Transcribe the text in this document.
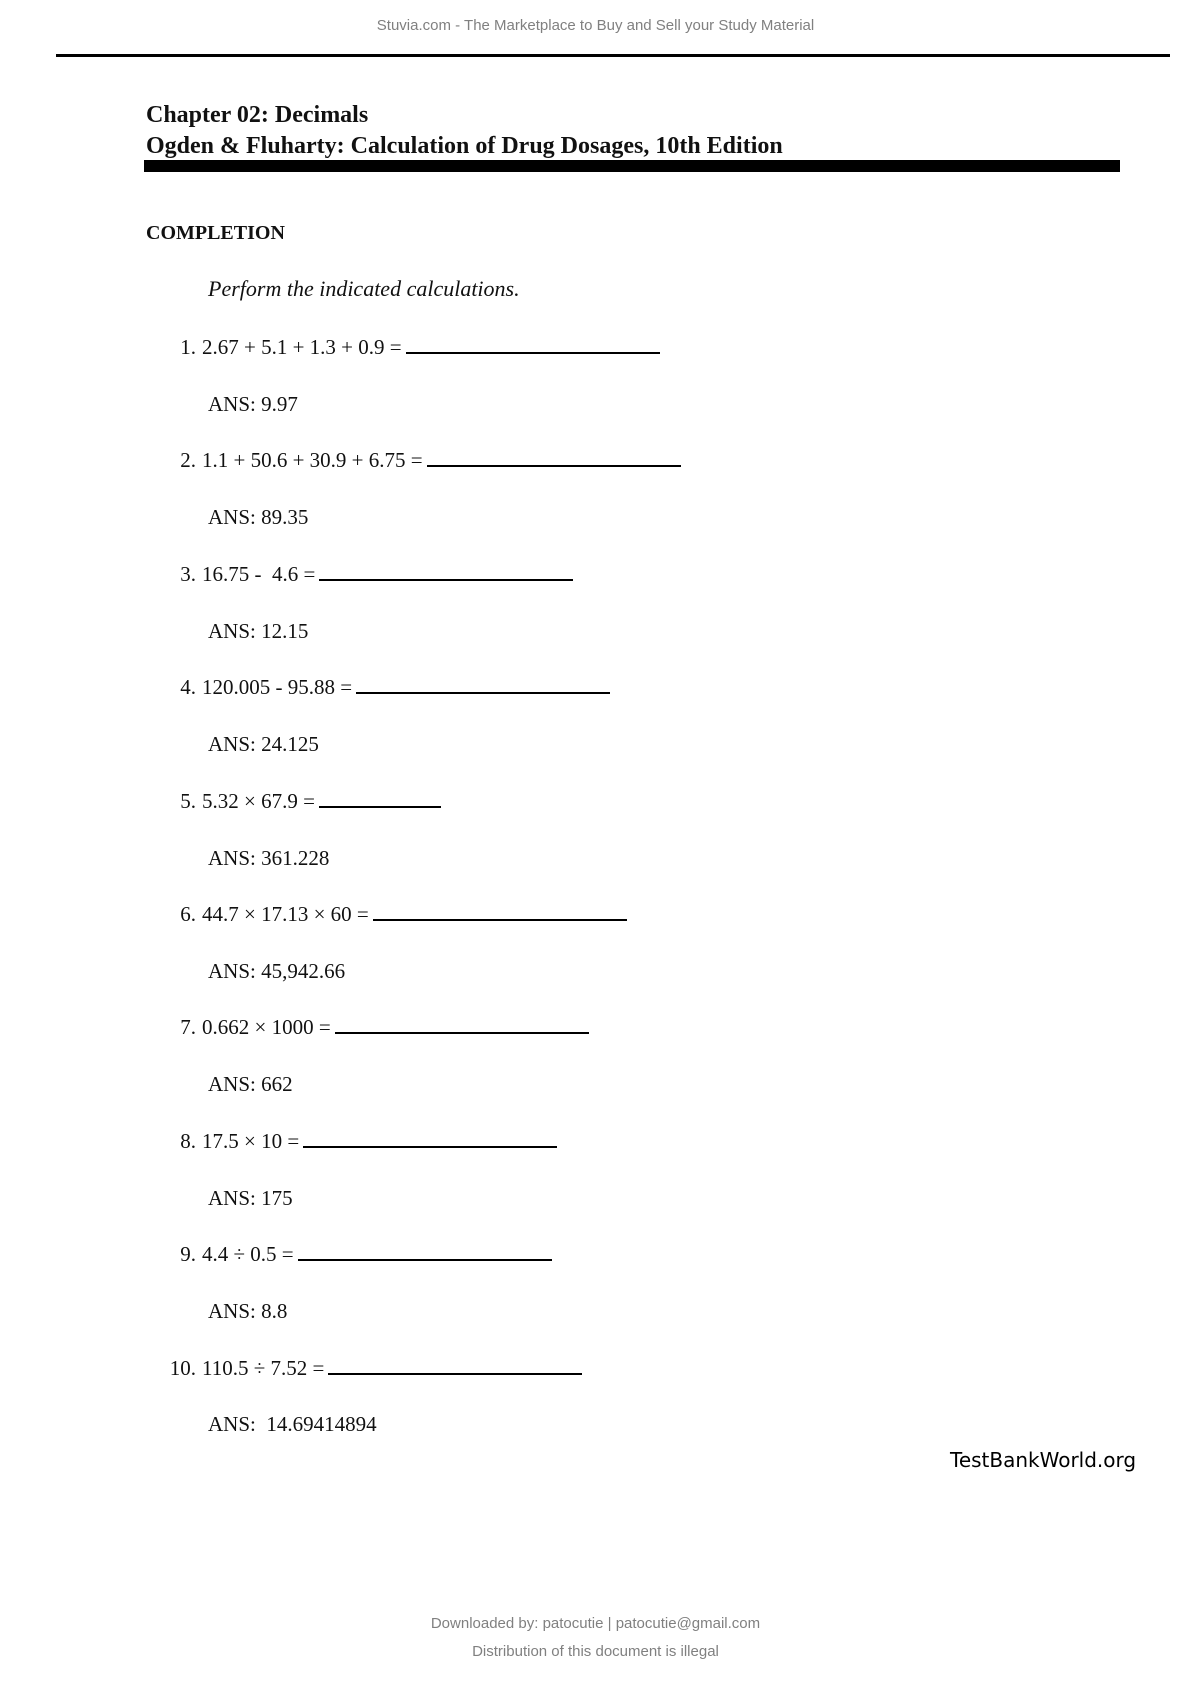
Stuvia.com - The Marketplace to Buy and Sell your Study Material
Chapter 02: Decimals
Ogden & Fluharty: Calculation of Drug Dosages, 10th Edition
COMPLETION
Perform the indicated calculations.
1. 2.67 + 5.1 + 1.3 + 0.9 =
ANS: 9.97
2. 1.1 + 50.6 + 30.9 + 6.75 =
ANS: 89.35
3. 16.75 -  4.6 =
ANS: 12.15
4. 120.005 - 95.88 =
ANS: 24.125
5. 5.32 × 67.9 =
ANS: 361.228
6. 44.7 × 17.13 × 60 =
ANS: 45,942.66
7. 0.662 × 1000 =
ANS: 662
8. 17.5 × 10 =
ANS: 175
9. 4.4 ÷ 0.5 =
ANS: 8.8
10. 110.5 ÷ 7.52 =
ANS:  14.69414894
TestBankWorld.org
Downloaded by: patocutie | patocutie@gmail.com
Distribution of this document is illegal
